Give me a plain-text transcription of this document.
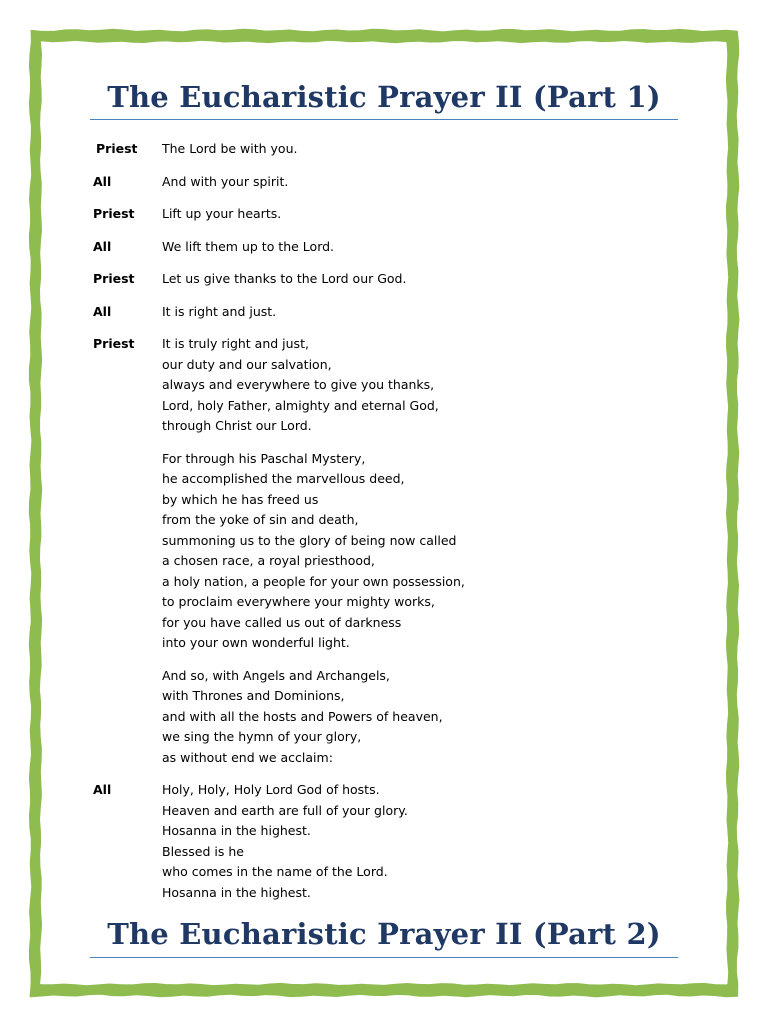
The Eucharistic Prayer II (Part 1)
Priest	The Lord be with you.
All	And with your spirit.
Priest	Lift up your hearts.
All	We lift them up to the Lord.
Priest	Let us give thanks to the Lord our God.
All	It is right and just.
Priest	It is truly right and just,
our duty and our salvation,
always and everywhere to give you thanks,
Lord, holy Father, almighty and eternal God,
through Christ our Lord.
For through his Paschal Mystery,
he accomplished the marvellous deed,
by which he has freed us
from the yoke of sin and death,
summoning us to the glory of being now called
a chosen race, a royal priesthood,
a holy nation, a people for your own possession,
to proclaim everywhere your mighty works,
for you have called us out of darkness
into your own wonderful light.
And so, with Angels and Archangels,
with Thrones and Dominions,
and with all the hosts and Powers of heaven,
we sing the hymn of your glory,
as without end we acclaim:
All	Holy, Holy, Holy Lord God of hosts.
Heaven and earth are full of your glory.
Hosanna in the highest.
Blessed is he
who comes in the name of the Lord.
Hosanna in the highest.
The Eucharistic Prayer II (Part 2)
